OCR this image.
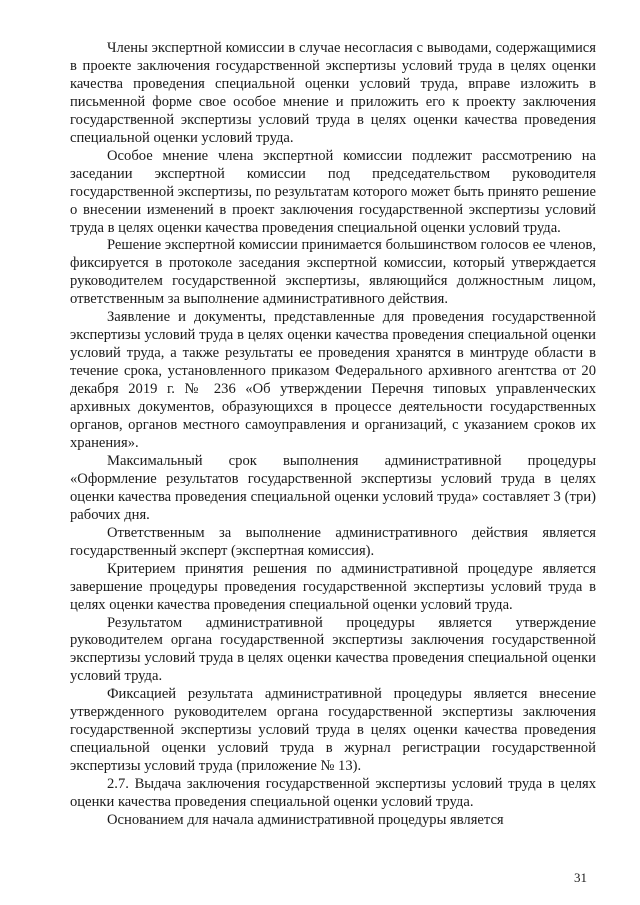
Члены экспертной комиссии в случае несогласия с выводами, содержащимися в проекте заключения государственной экспертизы условий труда в целях оценки качества проведения специальной оценки условий труда, вправе изложить в письменной форме свое особое мнение и приложить его к проекту заключения государственной экспертизы условий труда в целях оценки качества проведения специальной оценки условий труда.

Особое мнение члена экспертной комиссии подлежит рассмотрению на заседании экспертной комиссии под председательством руководителя государственной экспертизы, по результатам которого может быть принято решение о внесении изменений в проект заключения государственной экспертизы условий труда в целях оценки качества проведения специальной оценки условий труда.

Решение экспертной комиссии принимается большинством голосов ее членов, фиксируется в протоколе заседания экспертной комиссии, который утверждается руководителем государственной экспертизы, являющийся должностным лицом, ответственным за выполнение административного действия.

Заявление и документы, представленные для проведения государственной экспертизы условий труда в целях оценки качества проведения специальной оценки условий труда, а также результаты ее проведения хранятся в минтруде области в течение срока, установленного приказом Федерального архивного агентства от 20 декабря 2019 г. № 236 «Об утверждении Перечня типовых управленческих архивных документов, образующихся в процессе деятельности государственных органов, органов местного самоуправления и организаций, с указанием сроков их хранения».

Максимальный срок выполнения административной процедуры «Оформление результатов государственной экспертизы условий труда в целях оценки качества проведения специальной оценки условий труда» составляет 3 (три) рабочих дня.

Ответственным за выполнение административного действия является государственный эксперт (экспертная комиссия).

Критерием принятия решения по административной процедуре является завершение процедуры проведения государственной экспертизы условий труда в целях оценки качества проведения специальной оценки условий труда.

Результатом административной процедуры является утверждение руководителем органа государственной экспертизы заключения государственной экспертизы условий труда в целях оценки качества проведения специальной оценки условий труда.

Фиксацией результата административной процедуры является внесение утвержденного руководителем органа государственной экспертизы заключения государственной экспертизы условий труда в целях оценки качества проведения специальной оценки условий труда в журнал регистрации государственной экспертизы условий труда (приложение № 13).

2.7. Выдача заключения государственной экспертизы условий труда в целях оценки качества проведения специальной оценки условий труда.

Основанием для начала административной процедуры является

31
